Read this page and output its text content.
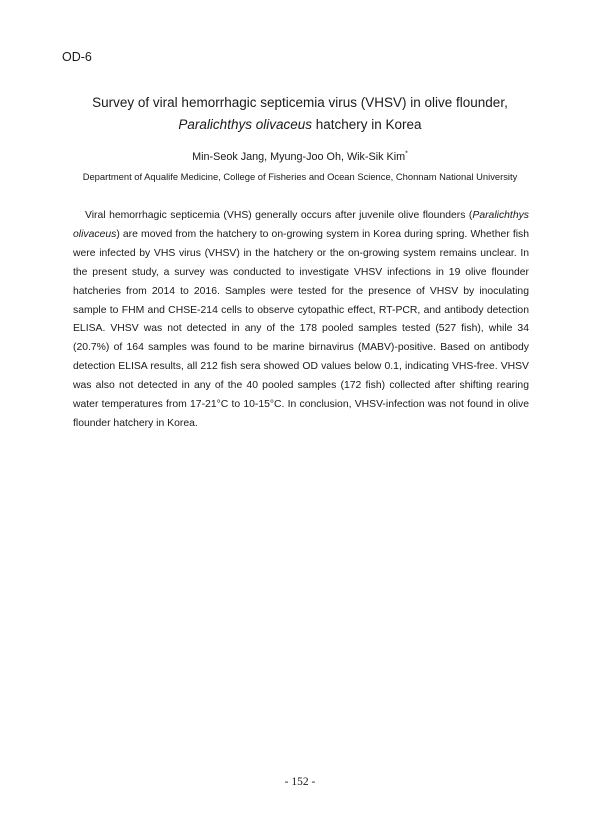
OD-6
Survey of viral hemorrhagic septicemia virus (VHSV) in olive flounder,
Paralichthys olivaceus hatchery in Korea
Min-Seok Jang, Myung-Joo Oh, Wik-Sik Kim*
Department of Aqualife Medicine, College of Fisheries and Ocean Science, Chonnam National University

Viral hemorrhagic septicemia (VHS) generally occurs after juvenile olive flounders (Paralichthys olivaceus) are moved from the hatchery to on-growing system in Korea during spring. Whether fish were infected by VHS virus (VHSV) in the hatchery or the on-growing system remains unclear. In the present study, a survey was conducted to investigate VHSV infections in 19 olive flounder hatcheries from 2014 to 2016. Samples were tested for the presence of VHSV by inoculating sample to FHM and CHSE-214 cells to observe cytopathic effect, RT-PCR, and antibody detection ELISA. VHSV was not detected in any of the 178 pooled samples tested (527 fish), while 34 (20.7%) of 164 samples was found to be marine birnavirus (MABV)-positive. Based on antibody detection ELISA results, all 212 fish sera showed OD values below 0.1, indicating VHS-free. VHSV was also not detected in any of the 40 pooled samples (172 fish) collected after shifting rearing water temperatures from 17-21°C to 10-15°C. In conclusion, VHSV-infection was not found in olive flounder hatchery in Korea.

- 152 -
